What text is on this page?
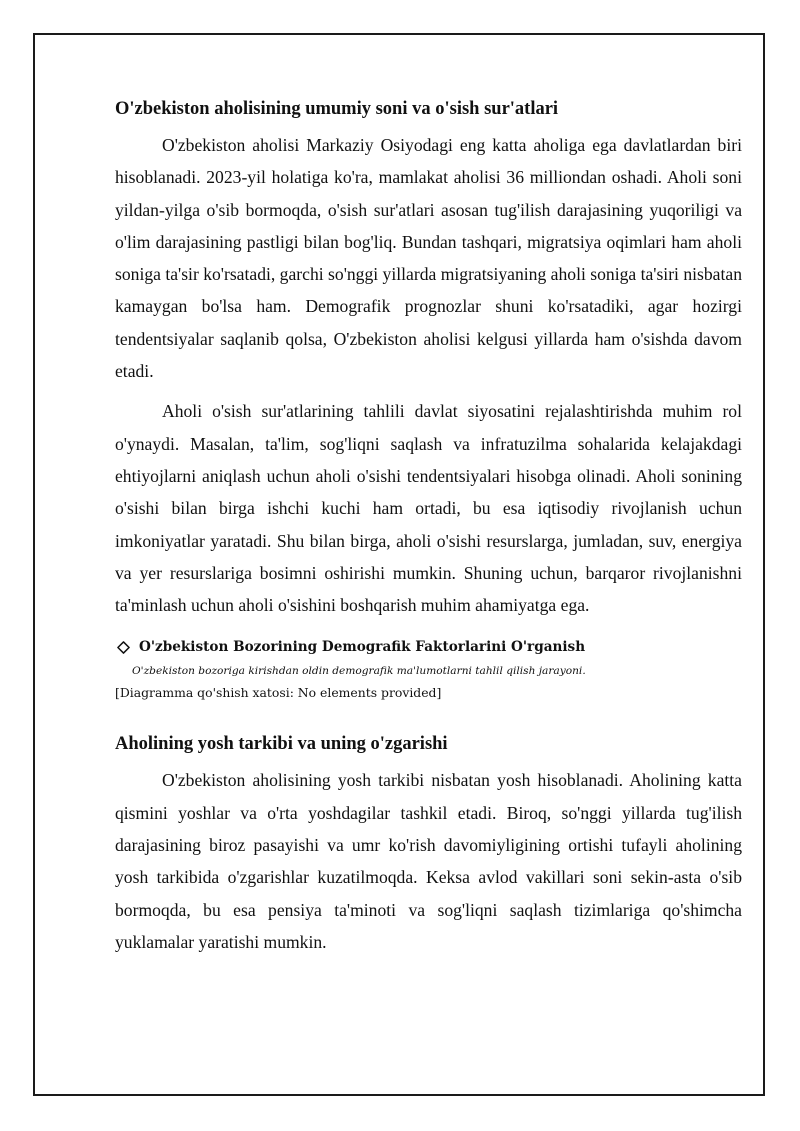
O'zbekiston aholisining umumiy soni va o'sish sur'atlari

O'zbekiston aholisi Markaziy Osiyodagi eng katta aholiga ega davlatlardan biri hisoblanadi. 2023-yil holatiga ko'ra, mamlakat aholisi 36 milliondan oshadi. Aholi soni yildan-yilga o'sib bormoqda, o'sish sur'atlari asosan tug'ilish darajasining yuqoriligi va o'lim darajasining pastligi bilan bog'liq. Bundan tashqari, migratsiya oqimlari ham aholi soniga ta'sir ko'rsatadi, garchi so'nggi yillarda migratsiyaning aholi soniga ta'siri nisbatan kamaygan bo'lsa ham. Demografik prognozlar shuni ko'rsatadiki, agar hozirgi tendentsiyalar saqlanib qolsa, O'zbekiston aholisi kelgusi yillarda ham o'sishda davom etadi.

Aholi o'sish sur'atlarining tahlili davlat siyosatini rejalashtirishda muhim rol o'ynaydi. Masalan, ta'lim, sog'liqni saqlash va infratuzilma sohalarida kelajakdagi ehtiyojlarni aniqlash uchun aholi o'sishi tendentsiyalari hisobga olinadi. Aholi sonining o'sishi bilan birga ishchi kuchi ham ortadi, bu esa iqtisodiy rivojlanish uchun imkoniyatlar yaratadi. Shu bilan birga, aholi o'sishi resurslarga, jumladan, suv, energiya va yer resurslariga bosimni oshirishi mumkin. Shuning uchun, barqaror rivojlanishni ta'minlash uchun aholi o'sishini boshqarish muhim ahamiyatga ega.

O'zbekiston Bozorining Demografik Faktorlarini O'rganish
O'zbekiston bozoriga kirishdan oldin demografik ma'lumotlarni tahlil qilish jarayoni.
[Diagramma qo'shish xatosi: No elements provided]
Aholining yosh tarkibi va uning o'zgarishi

O'zbekiston aholisining yosh tarkibi nisbatan yosh hisoblanadi. Aholining katta qismini yoshlar va o'rta yoshdagilar tashkil etadi. Biroq, so'nggi yillarda tug'ilish darajasining biroz pasayishi va umr ko'rish davomiyligining ortishi tufayli aholining yosh tarkibida o'zgarishlar kuzatilmoqda. Keksa avlod vakillari soni sekin-asta o'sib bormoqda, bu esa pensiya ta'minoti va sog'liqni saqlash tizimlariga qo'shimcha yuklamalar yaratishi mumkin.
